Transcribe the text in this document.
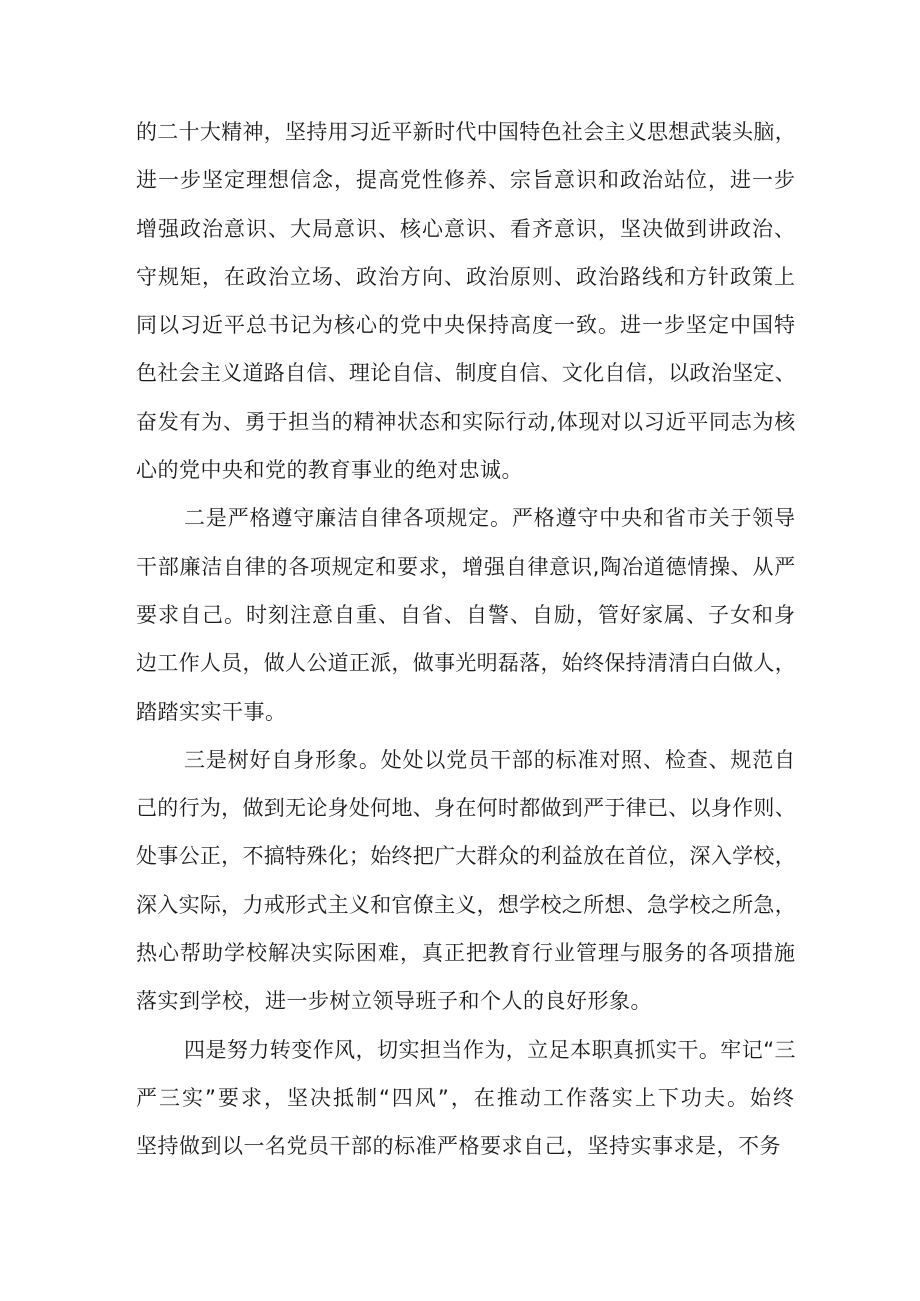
的二十大精神，坚持用习近平新时代中国特色社会主义思想武装头脑，
进一步坚定理想信念，提高党性修养、宗旨意识和政治站位，进一步
增强政治意识、大局意识、核心意识、看齐意识，坚决做到讲政治、
守规矩，在政治立场、政治方向、政治原则、政治路线和方针政策上
同以习近平总书记为核心的党中央保持高度一致。进一步坚定中国特
色社会主义道路自信、理论自信、制度自信、文化自信，以政治坚定、
奋发有为、勇于担当的精神状态和实际行动,体现对以习近平同志为核
心的党中央和党的教育事业的绝对忠诚。
二是严格遵守廉洁自律各项规定。严格遵守中央和省市关于领导
干部廉洁自律的各项规定和要求，增强自律意识,陶冶道德情操、从严
要求自己。时刻注意自重、自省、自警、自励，管好家属、子女和身
边工作人员，做人公道正派，做事光明磊落，始终保持清清白白做人，
踏踏实实干事。
三是树好自身形象。处处以党员干部的标准对照、检查、规范自
己的行为，做到无论身处何地、身在何时都做到严于律已、以身作则、
处事公正，不搞特殊化；始终把广大群众的利益放在首位，深入学校，
深入实际，力戒形式主义和官僚主义，想学校之所想、急学校之所急，
热心帮助学校解决实际困难，真正把教育行业管理与服务的各项措施
落实到学校，进一步树立领导班子和个人的良好形象。
四是努力转变作风，切实担当作为，立足本职真抓实干。牢记“三
严三实”要求，坚决抵制“四风”，在推动工作落实上下功夫。始终
坚持做到以一名党员干部的标准严格要求自己，坚持实事求是，不务
